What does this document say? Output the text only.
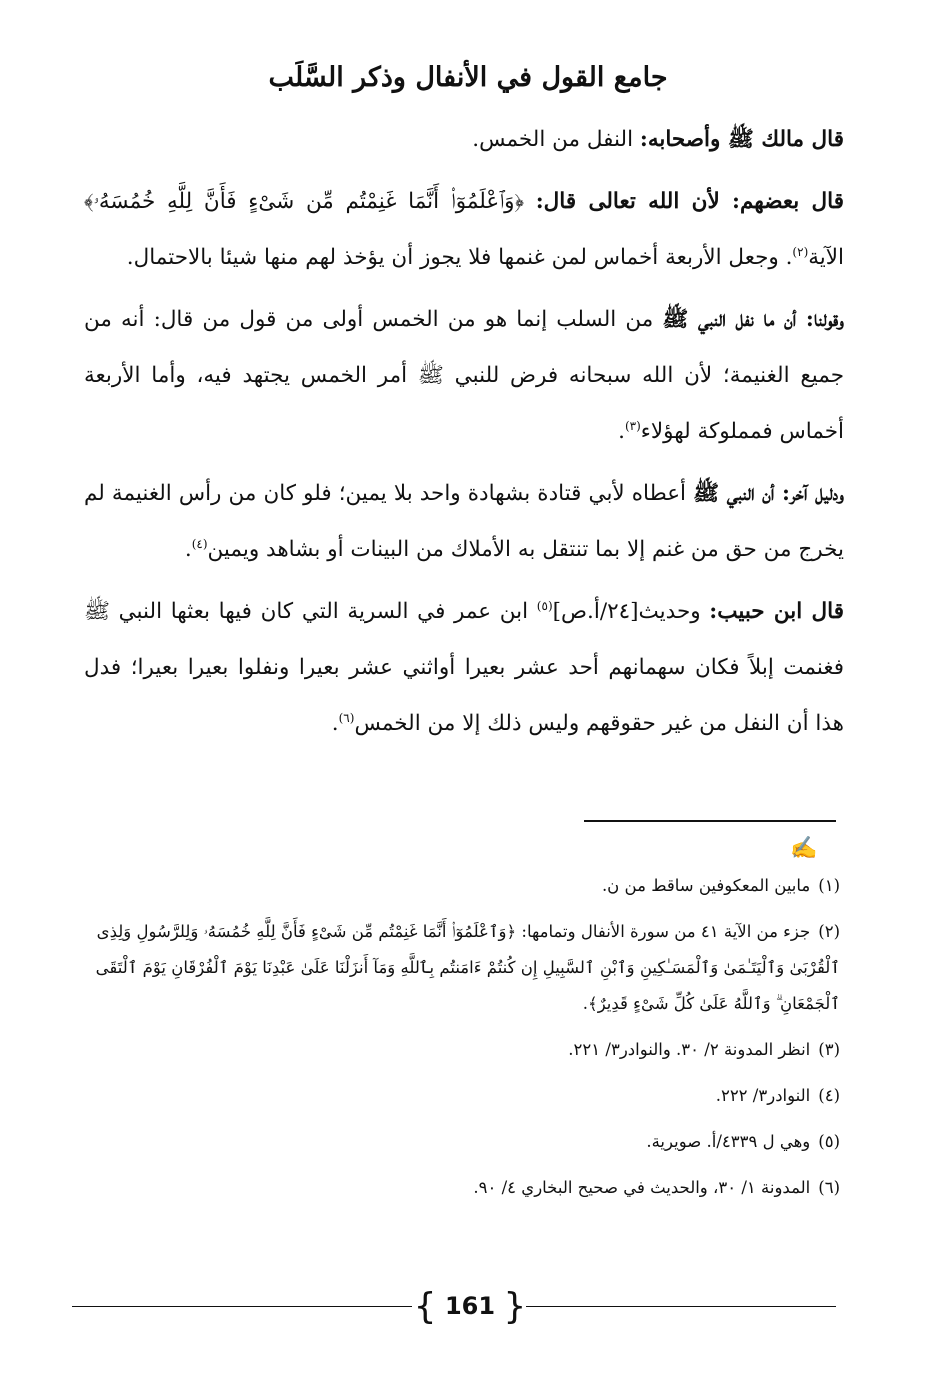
جامع القول في الأنفال وذكر السَّلَب

قال مالك ﷺ وأصحابه: النفل من الخمس.

قال بعضهم: لأن الله تعالى قال: ﴿وَٱعْلَمُوٓا۟ أَنَّمَا غَنِمْتُم مِّن شَىْءٍ فَأَنَّ لِلَّهِ خُمُسَهُۥ﴾ الآية$^{(٢)}$. وجعل الأربعة أخماس لمن غنمها فلا يجوز أن يؤخذ لهم منها شيئا بالاحتمال.

وقولنا: أن ما نفل النبي ﷺ من السلب إنما هو من الخمس أولى من قول من قال: أنه من جميع الغنيمة؛ لأن الله سبحانه فرض للنبي ﷺ أمر الخمس يجتهد فيه، وأما الأربعة أخماس فمملوكة لهؤلاء$^{(٣)}$.

ودليل آخر: أن النبي ﷺ أعطاه لأبي قتادة بشهادة واحد بلا يمين؛ فلو كان من رأس الغنيمة لم يخرج من حق من غنم إلا بما تنتقل به الأملاك من البينات أو بشاهد ويمين$^{(٤)}$.

قال ابن حبيب: وحديث[٢٤/أ.ص]$^{(٥)}$ ابن عمر في السرية التي كان فيها بعثها النبي ﷺ فغنمت إبلاً فكان سهمانهم أحد عشر بعيرا أواثني عشر بعيرا ونفلوا بعيرا بعيرا؛ فدل هذا أن النفل من غير حقوقهم وليس ذلك إلا من الخمس$^{(٦)}$.

✍

(١)مابين المعكوفين ساقط من ن.

(٢)جزء من الآية ٤١ من سورة الأنفال وتمامها: ﴿وَٱعْلَمُوٓا۟ أَنَّمَا غَنِمْتُم مِّن شَىْءٍ فَأَنَّ لِلَّهِ خُمُسَهُۥ وَلِلرَّسُولِ وَلِذِى ٱلْقُرْبَىٰ وَٱلْيَتَـٰمَىٰ وَٱلْمَسَـٰكِينِ وَٱبْنِ ٱلسَّبِيلِ إِن كُنتُمْ ءَامَنتُم بِٱللَّهِ وَمَآ أَنزَلْنَا عَلَىٰ عَبْدِنَا يَوْمَ ٱلْفُرْقَانِ يَوْمَ ٱلْتَقَى ٱلْجَمْعَانِ ۗ وَٱللَّهُ عَلَىٰ كُلِّ شَىْءٍ قَدِيرٌ﴾.

(٣)انظر المدونة ٢/ ٣٠. والنوادر٣/ ٢٢١.

(٤)النوادر٣/ ٢٢٢.

(٥)وهي ل ٤٣٣٩/أ. صويرية.

(٦)المدونة ١/ ٣٠، والحديث في صحيح البخاري ٤/ ٩٠.

{ 161 }
